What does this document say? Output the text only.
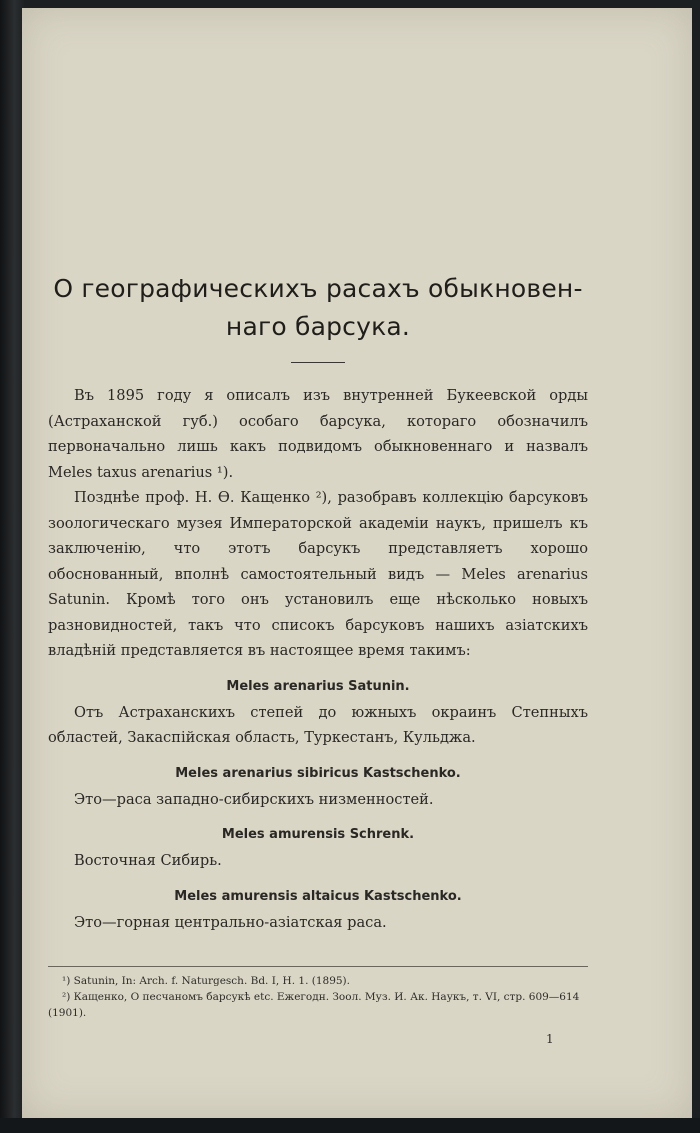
О географическихъ расахъ обыкновен-
наго барсука.

Въ 1895 году я описалъ изъ внутренней Букеевской орды (Астраханской губ.) особаго барсука, котораго обозначилъ первоначально лишь какъ подвидомъ обыкновеннаго и назвалъ Meles taxus arenarius ¹).

Позднѣе проф. Н. Ѳ. Кащенко ²), разобравъ коллекцію барсуковъ зоологическаго музея Императорской академіи наукъ, пришелъ къ заключенію, что этотъ барсукъ представляетъ хорошо обоснованный, вполнѣ самостоятельный видъ — Meles arenarius Satunin. Кромѣ того онъ установилъ еще нѣсколько новыхъ разновидностей, такъ что списокъ барсуковъ нашихъ азіатскихъ владѣній представляется въ настоящее время такимъ:

Meles arenarius Satunin.

Отъ Астраханскихъ степей до южныхъ окраинъ Степныхъ областей, Закаспійская область, Туркестанъ, Кульджа.

Meles arenarius sibiricus Kastschenko.

Это—раса западно-сибирскихъ низменностей.

Meles amurensis Schrenk.

Восточная Сибирь.

Meles amurensis altaicus Kastschenko.

Это—горная центрально-азіатская раса.

¹) Satunin, In: Arch. f. Naturgesch. Bd. I, H. 1. (1895).

²) Кащенко, О песчаномъ барсукѣ etc. Ежегодн. Зоол. Муз. И. Ак. Наукъ, т. VI, стр. 609—614 (1901).

1
